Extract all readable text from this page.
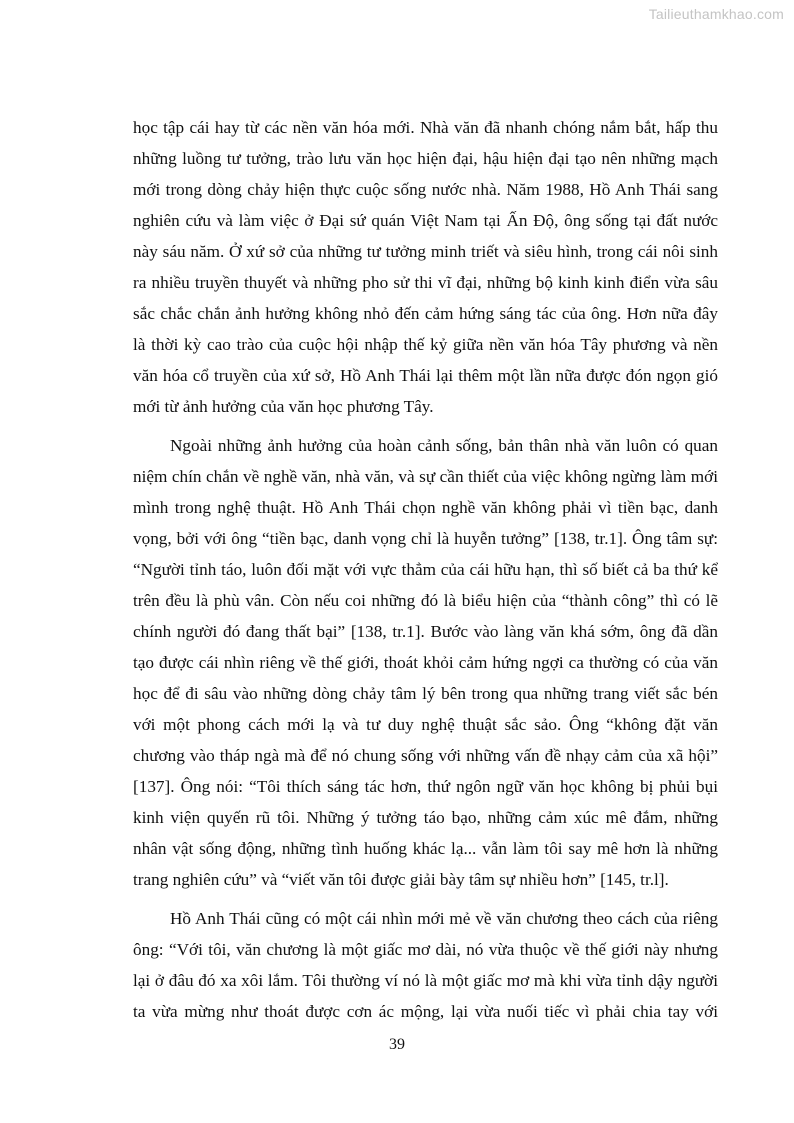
Tailieuthamkhao.com

học tập cái hay từ các nền văn hóa mới. Nhà văn đã nhanh chóng nắm bắt, hấp thu
những luồng tư tưởng, trào lưu văn học hiện đại, hậu hiện đại tạo nên những mạch
mới trong dòng chảy hiện thực cuộc sống nước nhà. Năm 1988, Hồ Anh Thái sang
nghiên cứu và làm việc ở Đại sứ quán Việt Nam tại Ấn Độ, ông sống tại đất nước
này sáu năm. Ở xứ sở của những tư tưởng minh triết và siêu hình, trong cái nôi sinh
ra nhiều truyền thuyết và những pho sử thi vĩ đại, những bộ kinh kinh điển vừa sâu
sắc chắc chắn ảnh hưởng không nhỏ đến cảm hứng sáng tác của ông. Hơn nữa đây
là thời kỳ cao trào của cuộc hội nhập thế kỷ giữa nền văn hóa Tây phương và nền
văn hóa cổ truyền của xứ sở, Hồ Anh Thái lại thêm một lần nữa được đón ngọn gió
mới từ ảnh hưởng của văn học phương Tây.

Ngoài những ảnh hưởng của hoàn cảnh sống, bản thân nhà văn luôn có quan
niệm chín chắn về nghề văn, nhà văn, và sự cần thiết của việc không ngừng làm mới
mình trong nghệ thuật. Hồ Anh Thái chọn nghề văn không phải vì tiền bạc, danh
vọng, bởi với ông “tiền bạc, danh vọng chỉ là huyễn tưởng” [138, tr.1]. Ông tâm sự:
“Người tỉnh táo, luôn đối mặt với vực thẳm của cái hữu hạn, thì số biết cả ba thứ kể
trên đều là phù vân. Còn nếu coi những đó là biểu hiện của “thành công” thì có lẽ
chính người đó đang thất bại” [138, tr.1]. Bước vào làng văn khá sớm, ông đã dần
tạo được cái nhìn riêng về thế giới, thoát khỏi cảm hứng ngợi ca thường có của văn
học để đi sâu vào những dòng chảy tâm lý bên trong qua những trang viết sắc bén
với một phong cách mới lạ và tư duy nghệ thuật sắc sảo. Ông “không đặt văn
chương vào tháp ngà mà để nó chung sống với những vấn đề nhạy cảm của xã hội”
[137]. Ông nói: “Tôi thích sáng tác hơn, thứ ngôn ngữ văn học không bị phủi bụi
kinh viện quyến rũ tôi. Những ý tưởng táo bạo, những cảm xúc mê đắm, những
nhân vật sống động, những tình huống khác lạ... vẫn làm tôi say mê hơn là những
trang nghiên cứu” và “viết văn tôi được giải bày tâm sự nhiều hơn” [145, tr.l].

Hồ Anh Thái cũng có một cái nhìn mới mẻ về văn chương theo cách của riêng
ông: “Với tôi, văn chương là một giấc mơ dài, nó vừa thuộc về thế giới này nhưng
lại ở đâu đó xa xôi lắm. Tôi thường ví nó là một giấc mơ mà khi vừa tỉnh dậy người
ta vừa mừng như thoát được cơn ác mộng, lại vừa nuối tiếc vì phải chia tay với

39
